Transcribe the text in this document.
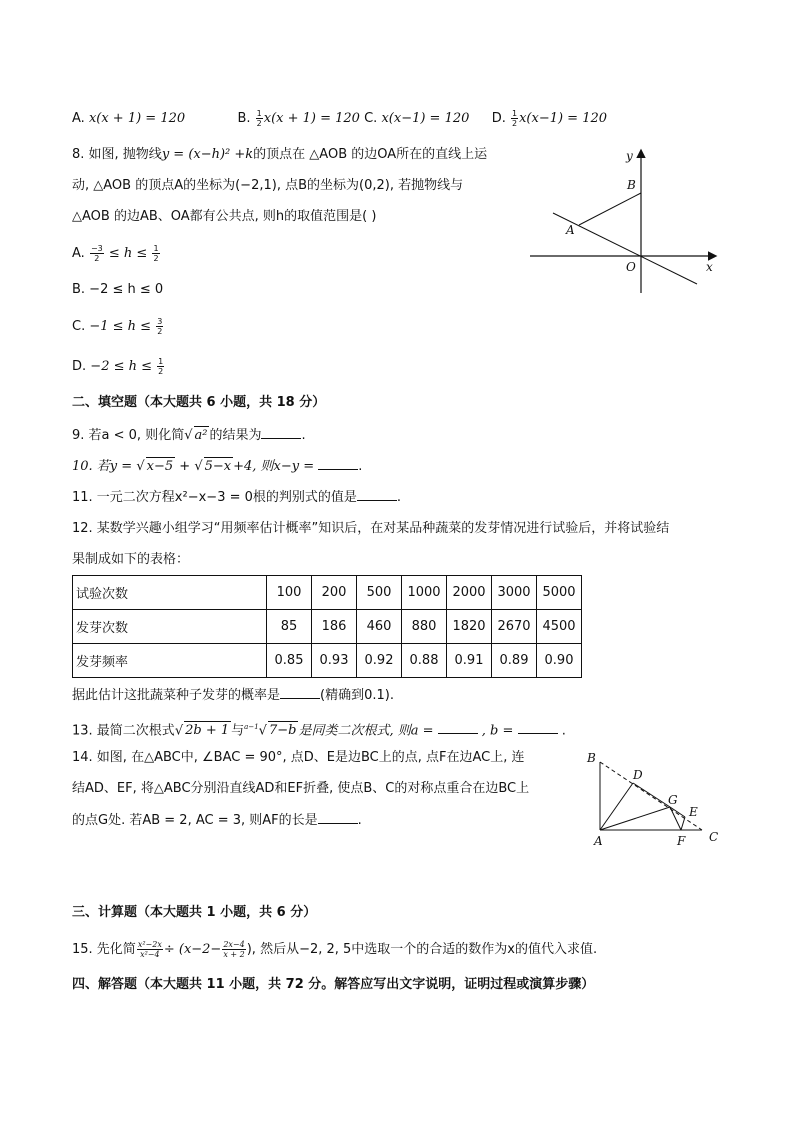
A. x(x + 1) = 120	B. $\frac{1}{2} x(x + 1) = 120$ C. x(x−1) = 120 D. $\frac{1}{2} x(x-1) = 120$
8. 如图, 抛物线y = (x−h)² +k的顶点在 △AOB 的边OA所在的直线上运
动, △AOB 的顶点A的坐标为(−2,1), 点B的坐标为(0,2), 若抛物线与
△AOB 的边AB、OA都有公共点, 则h的取值范围是( )
A. $\frac{-3}{2} \le h \le \frac{1}{2}$
B. −2 ≤ h ≤ 0
C. $-1 \le h \le \frac{3}{2}$
D. $-2 \le h \le \frac{1}{2}$
y
B
A
O	x
二、填空题（本大题共 6 小题，共 18 分）
9. 若a < 0, 则化简√ a² 的结果为	.
10. 若y = √ x−5 + √ 5−x +4, 则x−y =	.
11. 一元二次方程x²−x−3 = 0根的判别式的值是	.
12. 某数学兴趣小组学习“用频率估计概率”知识后，在对某品种蔬菜的发芽情况进行试验后，并将试验结
果制成如下的表格：
试验次数	100	200	500	1000	2000	3000	5000
发芽次数	85	186	460	880	1820	2670	4500
发芽频率	0.85	0.93	0.92	0.88	0.91	0.89	0.90
据此估计这批蔬菜种子发芽的概率是	(精确到0.1).
13. 最简二次根式√ 2b + 1 与$^{a-1}$√ 7−b 是同类二次根式, 则a =	, b =	.
14. 如图, 在△ABC中, ∠BAC = 90°, 点D、E是边BC上的点, 点F在边AC上, 连
结AD、EF, 将△ABC分别沿直线AD和EF折叠, 使点B、C的对称点重合在边BC上
的点G处. 若AB = 2, AC = 3, 则AF的长是	.
B
D
G
E
A	F C
三、计算题（本大题共 1 小题，共 6 分）
15. 先化简 $\frac{\text{x²−2x}}{\text{x²−4}} \div (x-2- \frac{2x-4}{x + 2}$ ), 然后从−2, 2, 5中选取一个的合适的数作为x的值代入求值.
四、解答题（本大题共 11 小题，共 72 分。解答应写出文字说明，证明过程或演算步骤）
